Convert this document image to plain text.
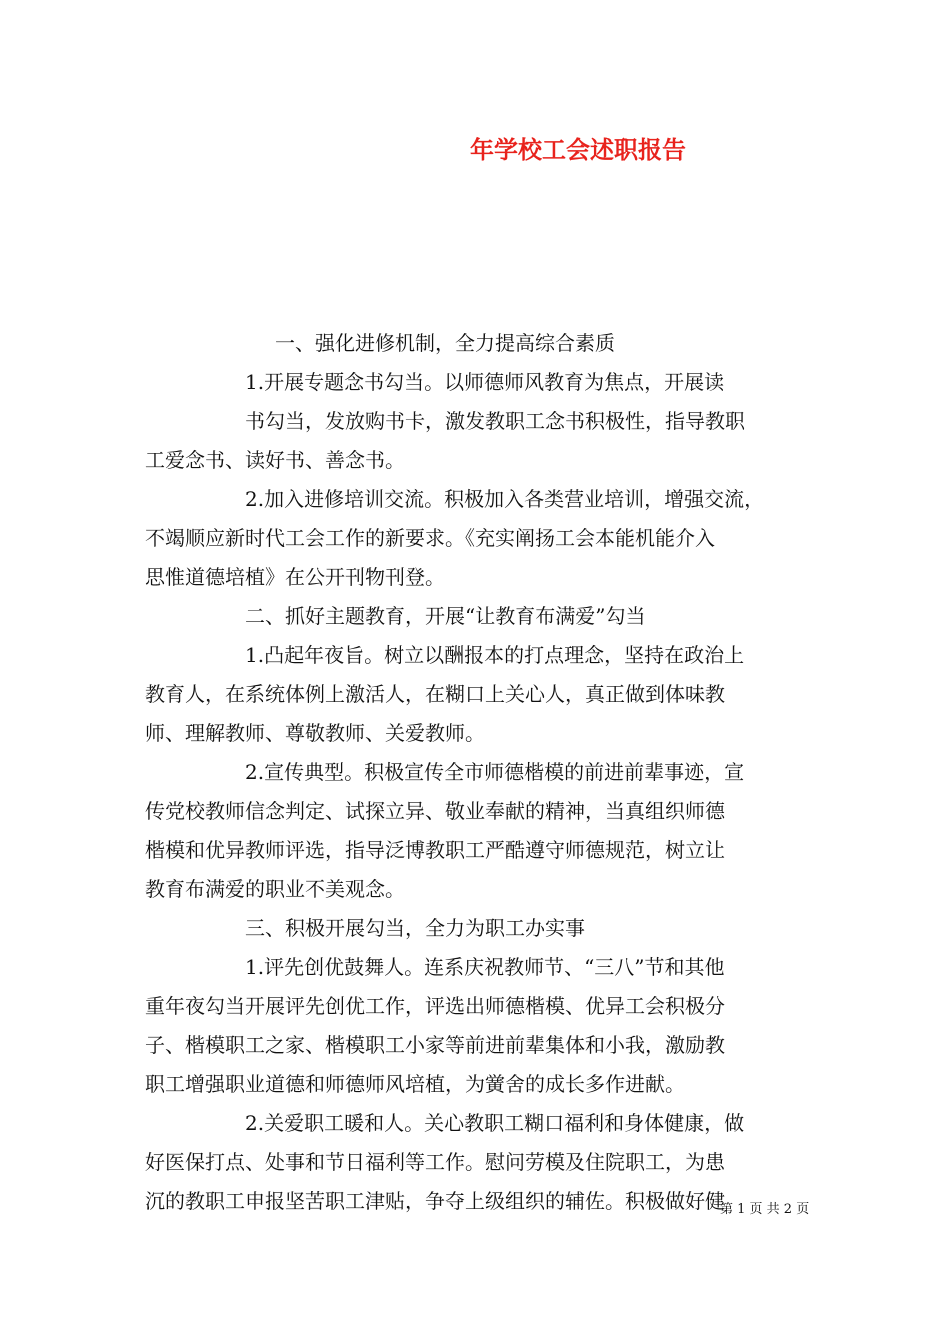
年学校工会述职报告

一、强化进修机制，全力提高综合素质

1.开展专题念书勾当。以师德师风教育为焦点，开展读

书勾当，发放购书卡，激发教职工念书积极性，指导教职

工爱念书、读好书、善念书。

2.加入进修培训交流。积极加入各类营业培训，增强交流，

不竭顺应新时代工会工作的新要求。《充实阐扬工会本能机能介入

思惟道德培植》在公开刊物刊登。

二、抓好主题教育，开展“让教育布满爱”勾当

1.凸起年夜旨。树立以酬报本的打点理念，坚持在政治上

教育人，在系统体例上激活人，在糊口上关心人，真正做到体味教

师、理解教师、尊敬教师、关爱教师。

2.宣传典型。积极宣传全市师德楷模的前进前辈事迹，宣

传党校教师信念判定、试探立异、敬业奉献的精神，当真组织师德

楷模和优异教师评选，指导泛博教职工严酷遵守师德规范，树立让

教育布满爱的职业不美观念。

三、积极开展勾当，全力为职工办实事

1.评先创优鼓舞人。连系庆祝教师节、“三八”节和其他

重年夜勾当开展评先创优工作，评选出师德楷模、优异工会积极分

子、楷模职工之家、楷模职工小家等前进前辈集体和小我，激励教

职工增强职业道德和师德师风培植，为黉舍的成长多作进献。

2.关爱职工暖和人。关心教职工糊口福利和身体健康，做

好医保打点、处事和节日福利等工作。慰问劳模及住院职工，为患

沉的教职工申报坚苦职工津贴，争夺上级组织的辅佐。积极做好健

第 1 页 共 2 页
